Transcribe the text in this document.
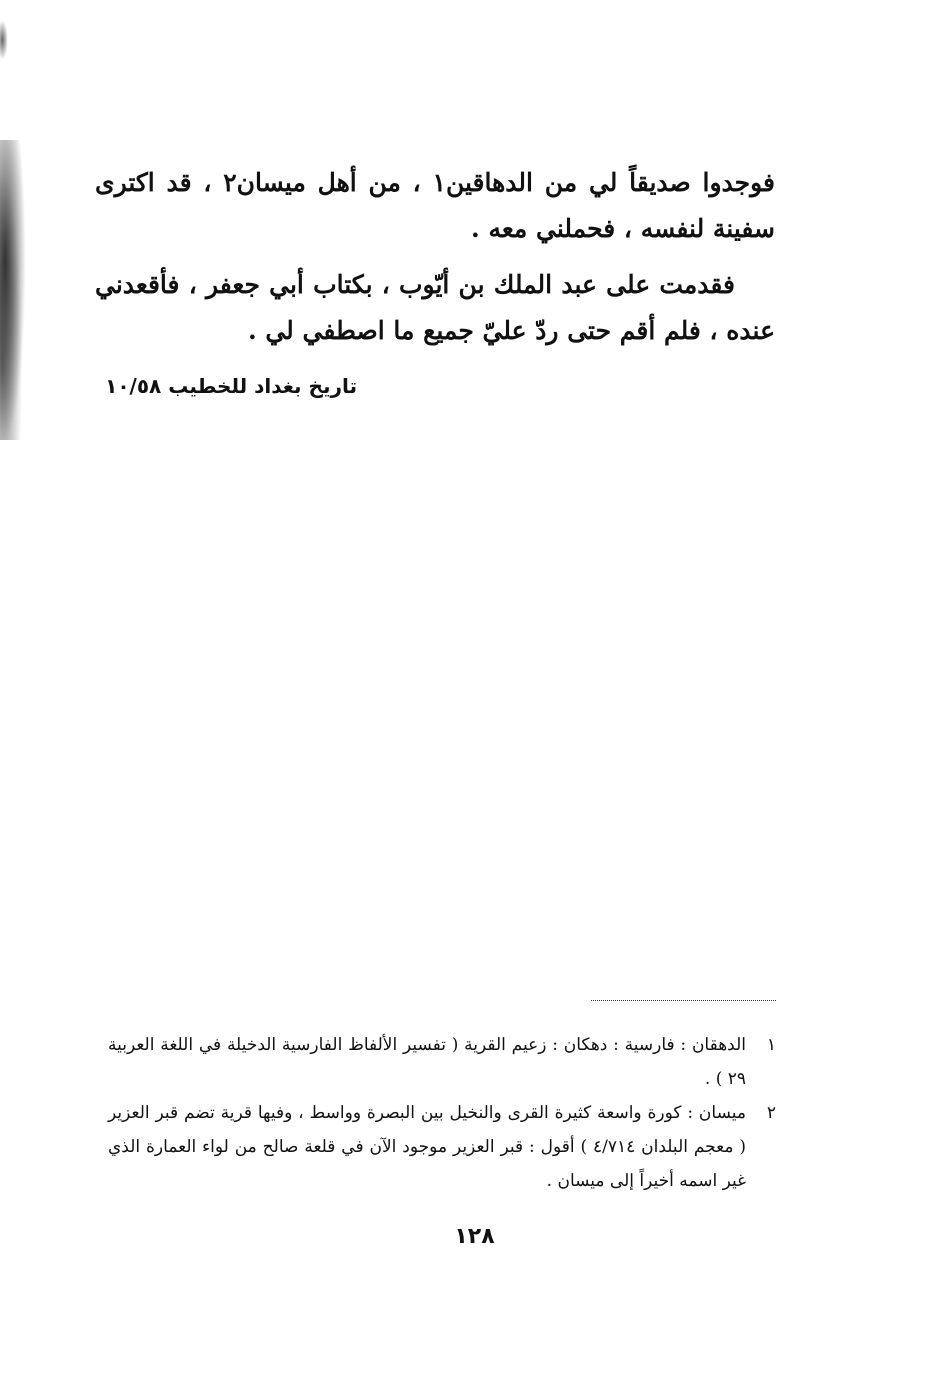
فوجدوا صديقاً لي من الدهاقين١ ، من أهل ميسان٢ ، قد اكترى سفينة لنفسه ، فحملني معه .

فقدمت على عبد الملك بن أيّوب ، بكتاب أبي جعفر ، فأقعدني عنده ، فلم أقم حتى ردّ عليّ جميع ما اصطفي لي .

تاريخ بغداد للخطيب ١٠/٥٨
١
الدهقان : فارسية : دهكان : زعيم القرية ( تفسير الألفاظ الفارسية الدخيلة في اللغة العربية ٢٩ ) .
٢
ميسان : كورة واسعة كثيرة القرى والنخيل بين البصرة وواسط ، وفيها قرية تضم قبر العزير ( معجم البلدان ٤/٧١٤ ) أقول : قبر العزير موجود الآن في قلعة صالح من لواء العمارة الذي غير اسمه أخيراً إلى ميسان .
١٢٨
